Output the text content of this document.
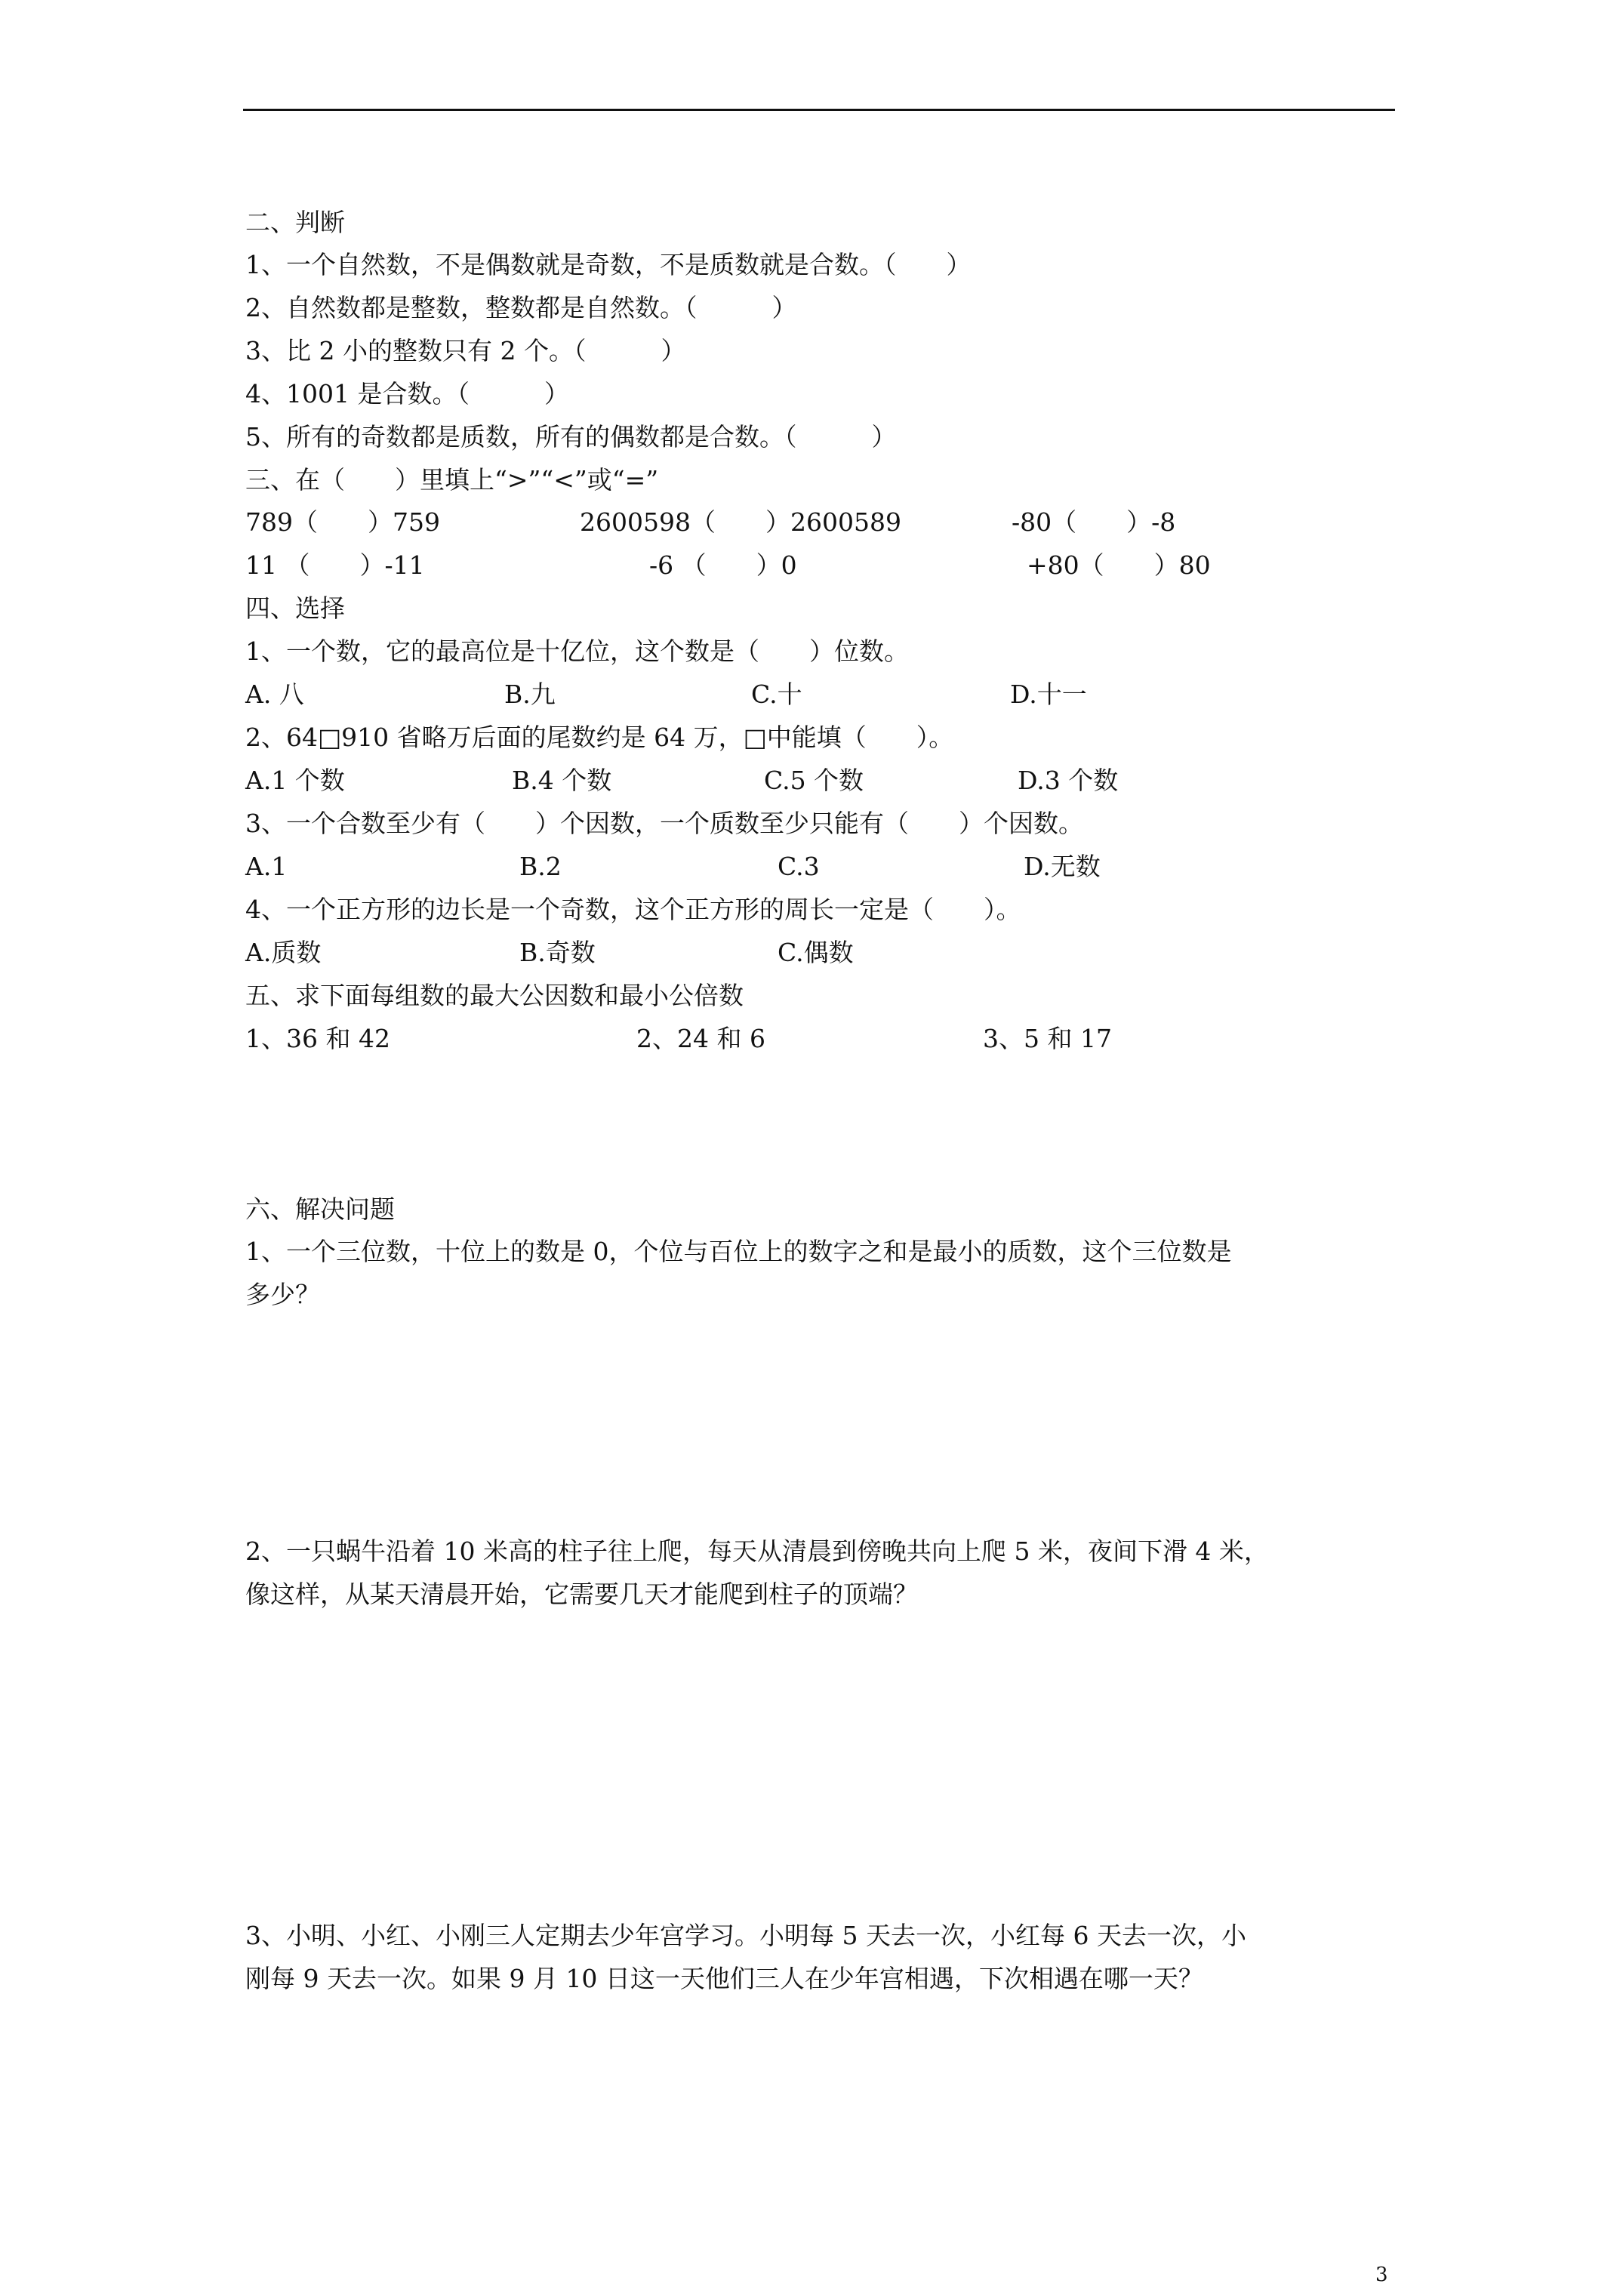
二、判断
1、一个自然数，不是偶数就是奇数，不是质数就是合数。（　　）
2、自然数都是整数，整数都是自然数。（　　　）
3、比 2 小的整数只有 2 个。（　　　）
4、1001 是合数。（　　　）
5、所有的奇数都是质数，所有的偶数都是合数。（　　　）
三、在（　　）里填上“>”“<”或“=”
789（　　）759	2600598（　　）2600589	-80（　　）-8
11 （　　）-11	-6 （　　）0	+80（　　）80
四、选择
1、一个数，它的最高位是十亿位，这个数是（　　）位数。
A. 八	B.九	C.十	D.十一
2、64□910 省略万后面的尾数约是 64 万，□中能填（　　）。
A.1 个数	B.4 个数	C.5 个数	D.3 个数
3、一个合数至少有（　　）个因数，一个质数至少只能有（　　）个因数。
A.1	B.2	C.3	D.无数
4、一个正方形的边长是一个奇数，这个正方形的周长一定是（　　）。
A.质数	B.奇数	C.偶数
五、求下面每组数的最大公因数和最小公倍数
1、36 和 42	2、24 和 6	3、5 和 17
六、解决问题
1、一个三位数，十位上的数是 0，个位与百位上的数字之和是最小的质数，这个三位数是
多少？
2、一只蜗牛沿着 10 米高的柱子往上爬，每天从清晨到傍晚共向上爬 5 米，夜间下滑 4 米，
像这样，从某天清晨开始，它需要几天才能爬到柱子的顶端？
3、小明、小红、小刚三人定期去少年宫学习。小明每 5 天去一次，小红每 6 天去一次，小
刚每 9 天去一次。如果 9 月 10 日这一天他们三人在少年宫相遇，下次相遇在哪一天？
3
